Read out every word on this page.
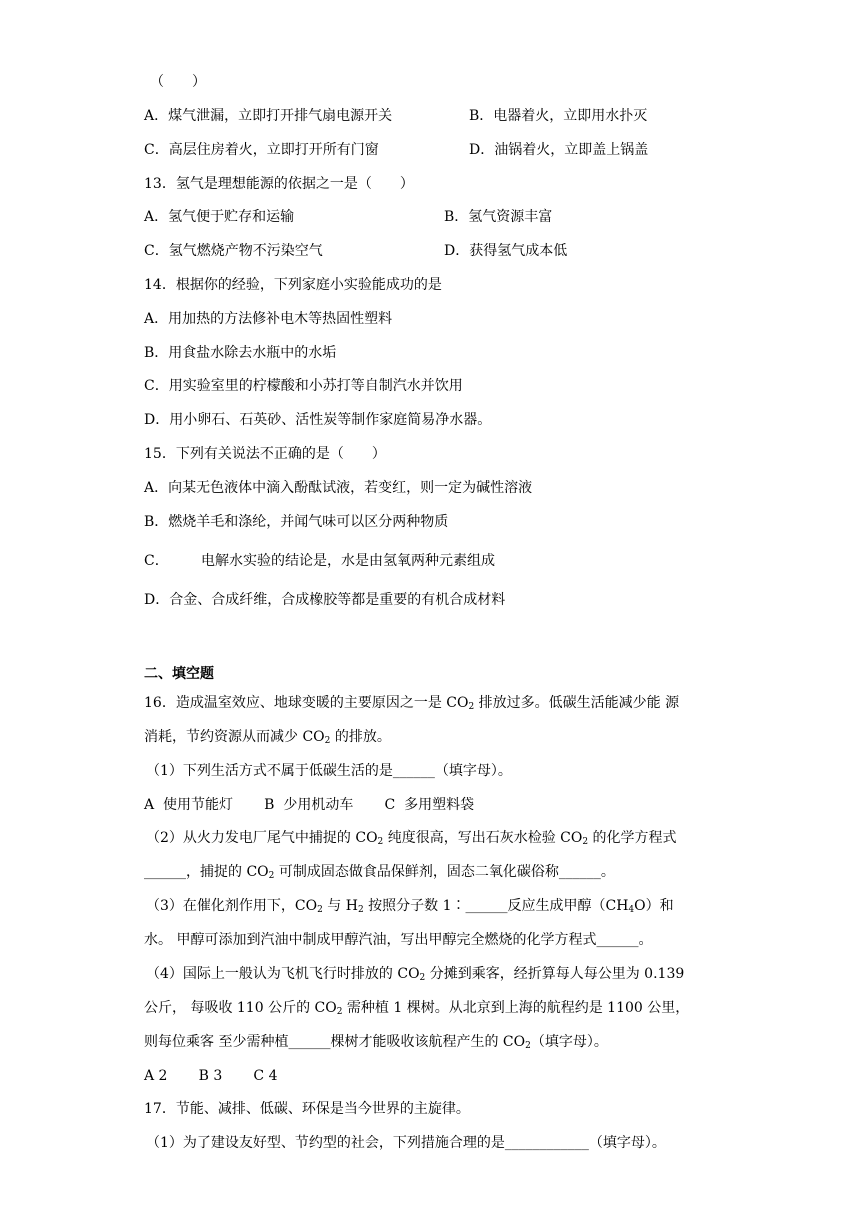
（　　）
A．煤气泄漏，立即打开排气扇电源开关	B．电器着火，立即用水扑灭
C．高层住房着火，立即打开所有门窗	D．油锅着火，立即盖上锅盖
13．氢气是理想能源的依据之一是（　　）
A．氢气便于贮存和运输	B．氢气资源丰富
C．氢气燃烧产物不污染空气	D．获得氢气成本低
14．根据你的经验，下列家庭小实验能成功的是
A．用加热的方法修补电木等热固性塑料
B．用食盐水除去水瓶中的水垢
C．用实验室里的柠檬酸和小苏打等自制汽水并饮用
D．用小卵石、石英砂、活性炭等制作家庭简易净水器。
15．下列有关说法不正确的是（　　）
A．向某无色液体中滴入酚酞试液，若变红，则一定为碱性溶液
B．燃烧羊毛和涤纶，并闻气味可以区分两种物质
C． 电解水实验的结论是，水是由氢氧两种元素组成
D．合金、合成纤维，合成橡胶等都是重要的有机合成材料
二、填空题
16．造成温室效应、地球变暖的主要原因之一是 $CO_2$ 排放过多。低碳生活能减少能 源
消耗，节约资源从而减少 $CO_2$ 的排放。
（1）下列生活方式不属于低碳生活的是______（填字母）。
A  使用节能灯       B  少用机动车       C  多用塑料袋
（2）从火力发电厂尾气中捕捉的 $CO_2$ 纯度很高，写出石灰水检验 $CO_2$ 的化学方程式
______，捕捉的 $CO_2$ 可制成固态做食品保鲜剂，固态二氧化碳俗称______。
（3）在催化剂作用下，$CO_2$ 与 $H_2$ 按照分子数 1∶______反应生成甲醇$(CH_4O)$和
水。 甲醇可添加到汽油中制成甲醇汽油，写出甲醇完全燃烧的化学方程式______。
（4）国际上一般认为飞机飞行时排放的 $CO_2$ 分摊到乘客，经折算每人每公里为 0.139
公斤， 每吸收 110 公斤的 $CO_2$ 需种植 1 棵树。从北京到上海的航程约是 1100 公里，
则每位乘客 至少需种植______棵树才能吸收该航程产生的 $CO_2$（填字母）。
A 2       B 3       C 4
17．节能、减排、低碳、环保是当今世界的主旋律。
（1）为了建设友好型、节约型的社会，下列措施合理的是____________（填字母）。
